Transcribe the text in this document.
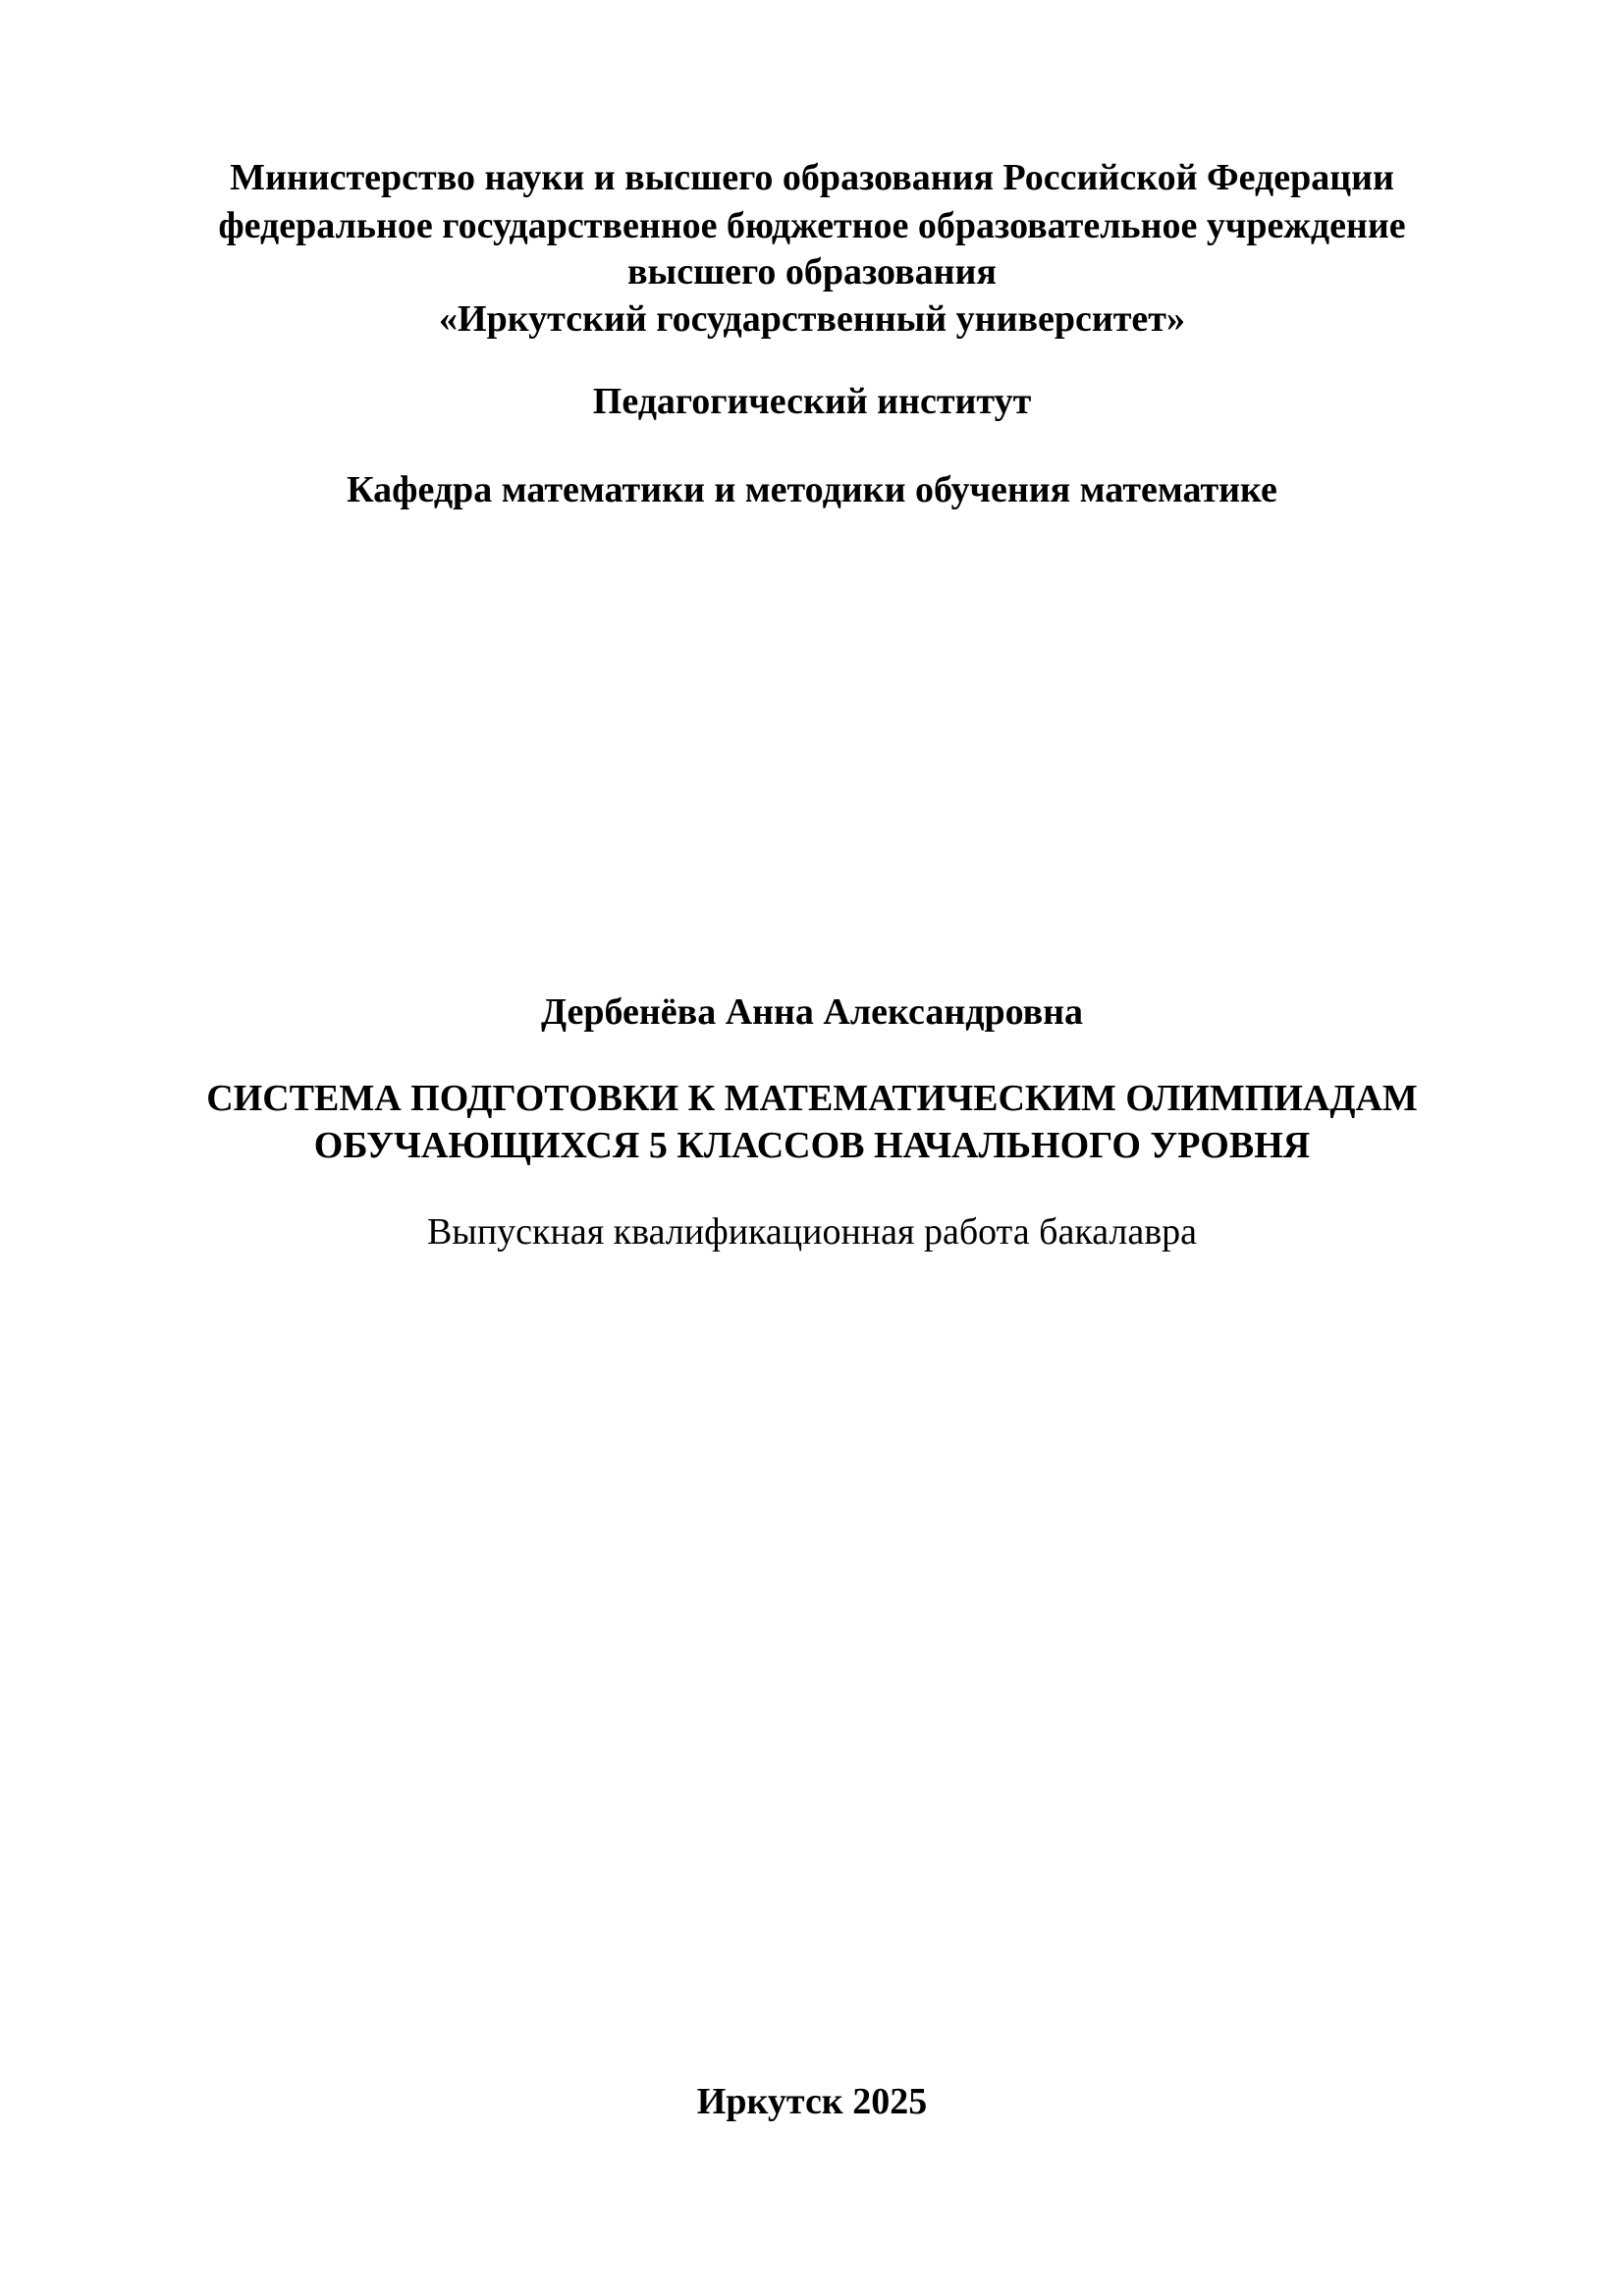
Министерство науки и высшего образования Российской Федерации
федеральное государственное бюджетное образовательное учреждение
высшего образования
«Иркутский государственный университет»
Педагогический институт
Кафедра математики и методики обучения математике
Дербенёва Анна Александровна
СИСТЕМА ПОДГОТОВКИ К МАТЕМАТИЧЕСКИМ ОЛИМПИАДАМ
ОБУЧАЮЩИХСЯ 5 КЛАССОВ НАЧАЛЬНОГО УРОВНЯ
Выпускная квалификационная работа бакалавра
Иркутск 2025
